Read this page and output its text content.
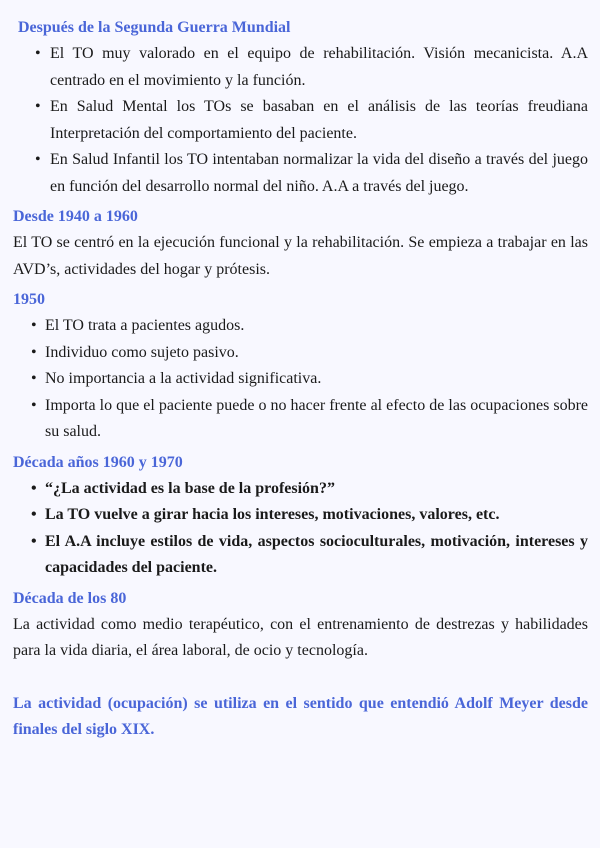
Después de la Segunda Guerra Mundial
• El TO muy valorado en el equipo de rehabilitación. Visión mecanicista. A.A centrado en el movimiento y la función.
• En Salud Mental los TOs se basaban en el análisis de las teorías freudiana Interpretación del comportamiento del paciente.
• En Salud Infantil los TO intentaban normalizar la vida del diseño a través del juego en función del desarrollo normal del niño. A.A a través del juego.
Desde 1940 a 1960

El TO se centró en la ejecución funcional y la rehabilitación. Se empieza a trabajar en las AVD’s, actividades del hogar y prótesis.

1950
• El TO trata a pacientes agudos.
• Individuo como sujeto pasivo.
• No importancia a la actividad significativa.
• Importa lo que el paciente puede o no hacer frente al efecto de las ocupaciones sobre su salud.
Década años 1960 y 1970
• “¿La actividad es la base de la profesión?”
• La TO vuelve a girar hacia los intereses, motivaciones, valores, etc.
• El A.A incluye estilos de vida, aspectos socioculturales, motivación, intereses y capacidades del paciente.
Década de los 80

La actividad como medio terapéutico, con el entrenamiento de destrezas y habilidades para la vida diaria, el área laboral, de ocio y tecnología.

La actividad (ocupación) se utiliza en el sentido que entendió Adolf Meyer desde finales del siglo XIX.
